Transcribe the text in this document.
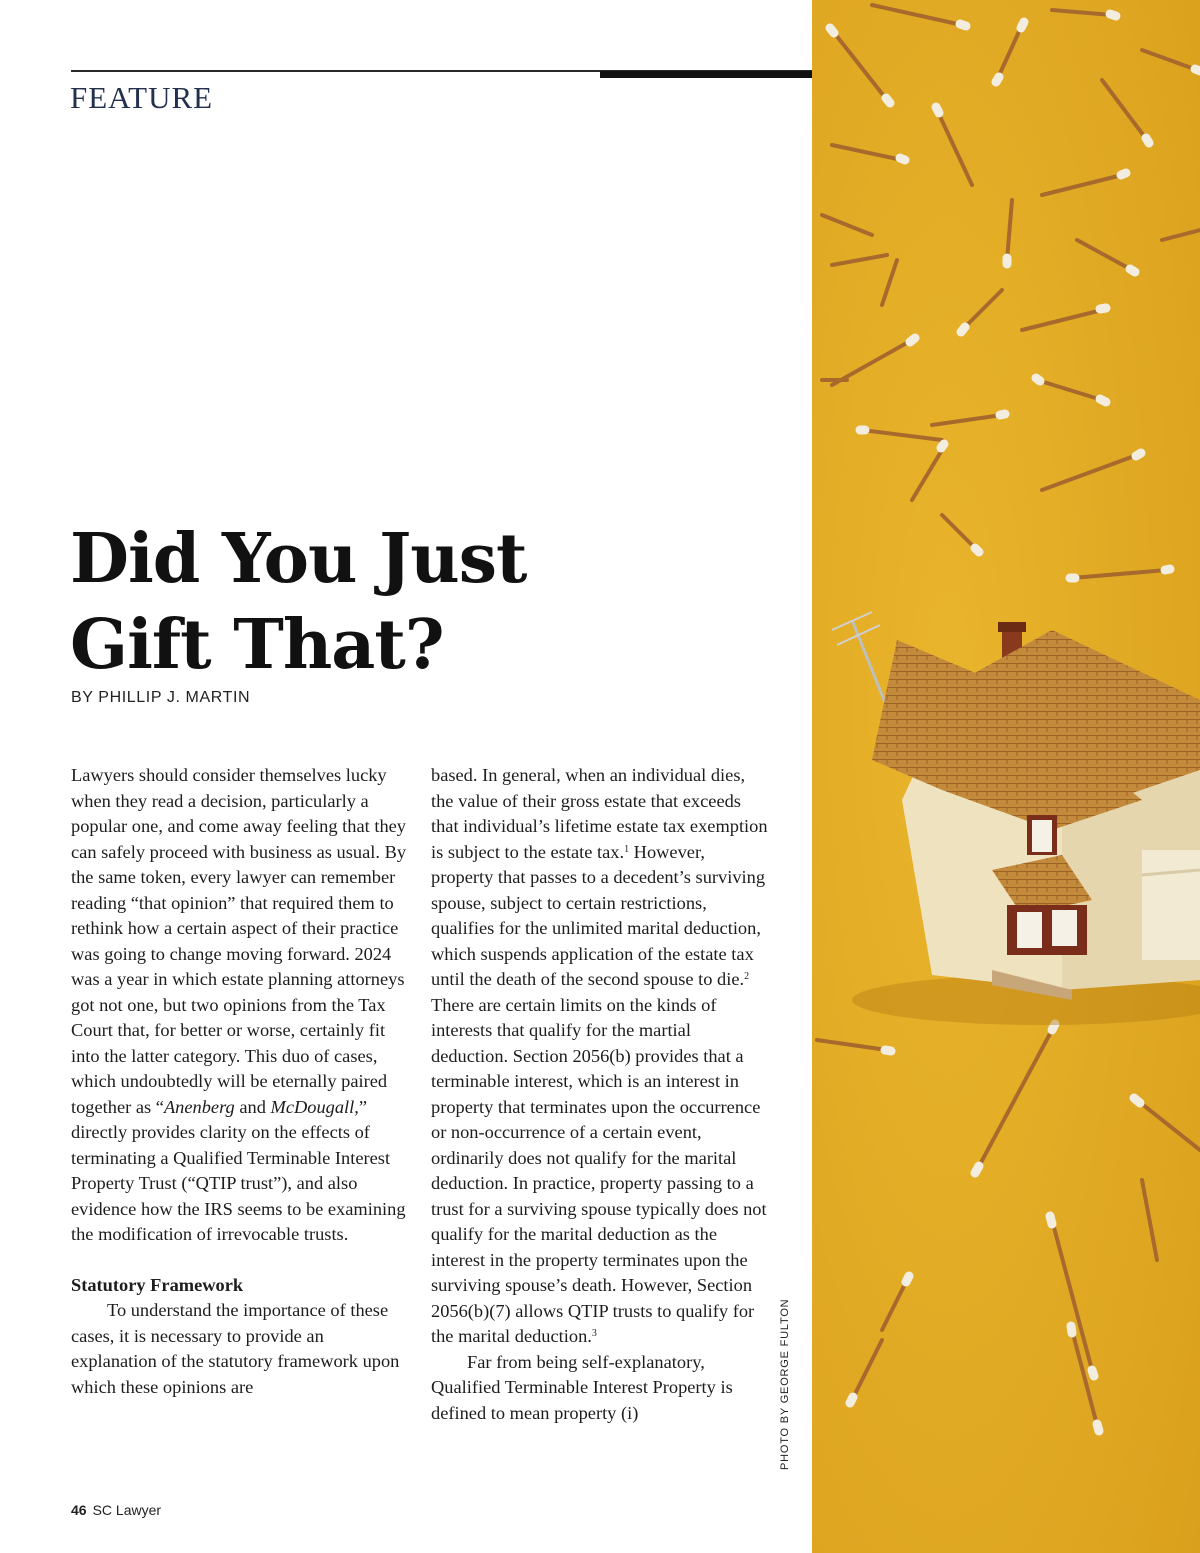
FEATURE
Did You Just
Gift That?
BY PHILLIP J. MARTIN

Lawyers should consider themselves lucky when they read a decision, particularly a popular one, and come away feeling that they can safely proceed with business as usual. By the same token, every lawyer can remember reading “that opinion” that required them to rethink how a certain aspect of their practice was going to change moving forward. 2024 was a year in which estate planning attorneys got not one, but two opinions from the Tax Court that, for better or worse, certainly fit into the latter category. This duo of cases, which undoubtedly will be eternally paired together as “Anenberg and McDougall,” directly provides clarity on the effects of terminating a Qualified Terminable Interest Property Trust (“QTIP trust”), and also evidence how the IRS seems to be examining the modification of irrevocable trusts.

Statutory Framework

To understand the importance of these cases, it is necessary to provide an explanation of the statutory framework upon which these opinions are

based. In general, when an individual dies, the value of their gross estate that exceeds that individual’s lifetime estate tax exemption is subject to the estate tax.$^1$ However, property that passes to a decedent’s surviving spouse, subject to certain restrictions, qualifies for the unlimited marital deduction, which suspends application of the estate tax until the death of the second spouse to die.$^2$ There are certain limits on the kinds of interests that qualify for the martial deduction. Section 2056(b) provides that a terminable interest, which is an interest in property that terminates upon the occurrence or non-occurrence of a certain event, ordinarily does not qualify for the marital deduction. In practice, property passing to a trust for a surviving spouse typically does not qualify for the marital deduction as the interest in the property terminates upon the surviving spouse’s death. However, Section 2056(b)(7) allows QTIP trusts to qualify for the marital deduction.$^3$

Far from being self-explanatory, Qualified Terminable Interest Property is defined to mean property (i)	PHOTO BY GEORGE FULTON
46 SC Lawyer
